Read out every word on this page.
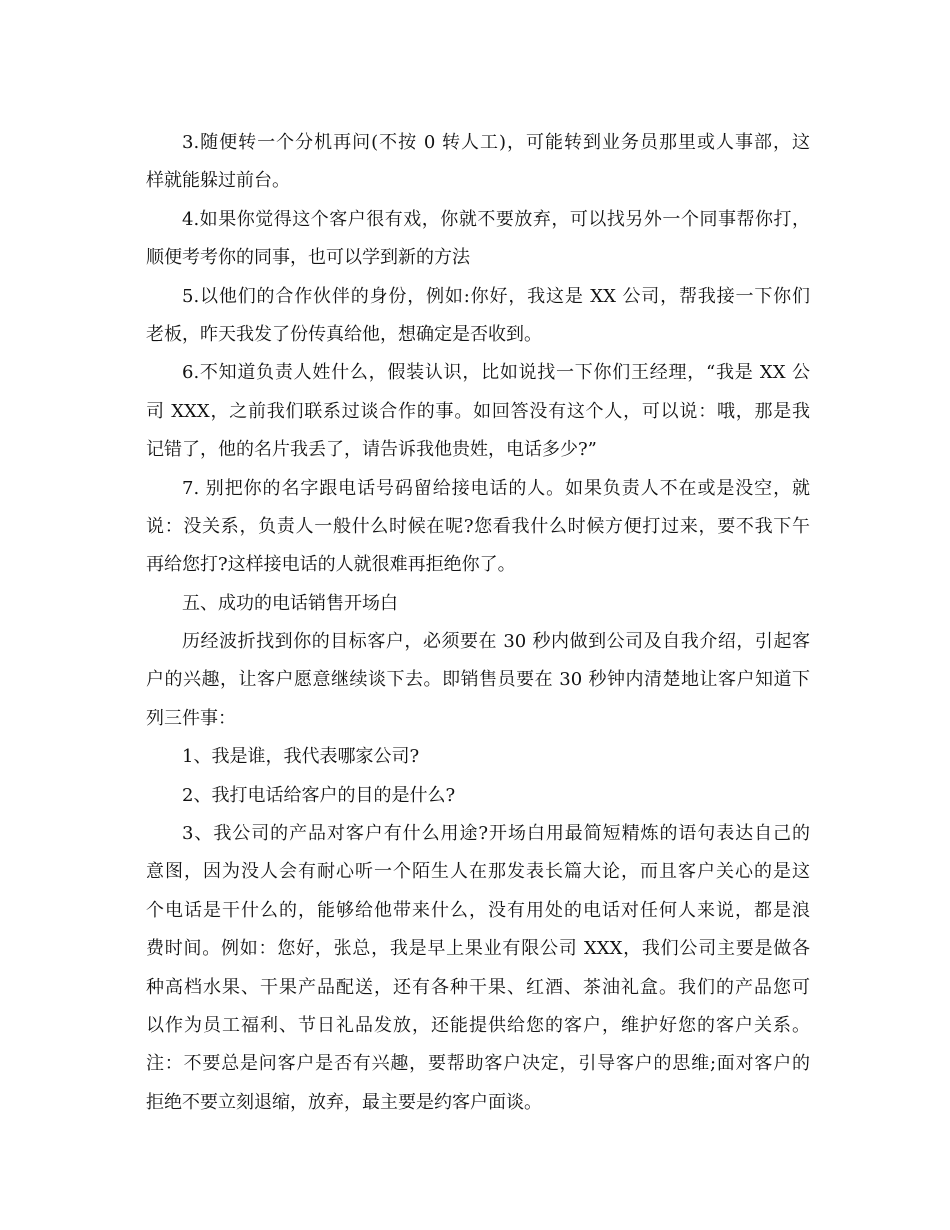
3.随便转一个分机再问(不按 0 转人工)，可能转到业务员那里或人事部，这
样就能躲过前台。
4.如果你觉得这个客户很有戏，你就不要放弃，可以找另外一个同事帮你打，
顺便考考你的同事，也可以学到新的方法
5.以他们的合作伙伴的身份，例如:你好，我这是 XX 公司，帮我接一下你们
老板，昨天我发了份传真给他，想确定是否收到。
6.不知道负责人姓什么，假装认识，比如说找一下你们王经理，“我是 XX 公
司 XXX，之前我们联系过谈合作的事。如回答没有这个人，可以说：哦，那是我
记错了，他的名片我丢了，请告诉我他贵姓，电话多少?”
7. 别把你的名字跟电话号码留给接电话的人。如果负责人不在或是没空，就
说：没关系，负责人一般什么时候在呢?您看我什么时候方便打过来，要不我下午
再给您打?这样接电话的人就很难再拒绝你了。
五、成功的电话销售开场白
历经波折找到你的目标客户，必须要在 30 秒内做到公司及自我介绍，引起客
户的兴趣，让客户愿意继续谈下去。即销售员要在 30 秒钟内清楚地让客户知道下
列三件事：
1、我是谁，我代表哪家公司?
2、我打电话给客户的目的是什么?
3、我公司的产品对客户有什么用途?开场白用最简短精炼的语句表达自己的
意图，因为没人会有耐心听一个陌生人在那发表长篇大论，而且客户关心的是这
个电话是干什么的，能够给他带来什么，没有用处的电话对任何人来说，都是浪
费时间。例如：您好，张总，我是早上果业有限公司 XXX，我们公司主要是做各
种高档水果、干果产品配送，还有各种干果、红酒、茶油礼盒。我们的产品您可
以作为员工福利、节日礼品发放，还能提供给您的客户，维护好您的客户关系。
注：不要总是问客户是否有兴趣，要帮助客户决定，引导客户的思维;面对客户的
拒绝不要立刻退缩，放弃，最主要是约客户面谈。
